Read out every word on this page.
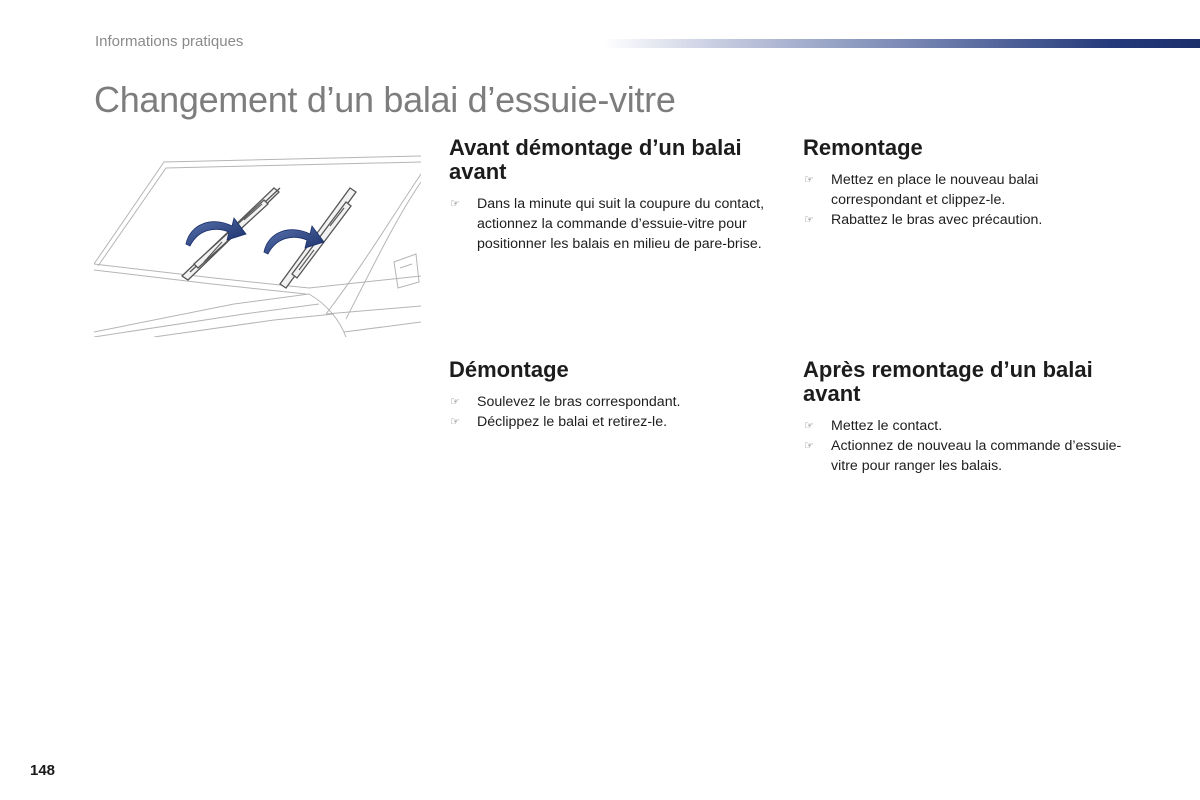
Informations pratiques
Changement d’un balai d’essuie-vitre
Avant démontage d’un balai avant
☞ Dans la minute qui suit la coupure du contact, actionnez la commande d’essuie-vitre pour positionner les balais en milieu de pare-brise.
Remontage
☞ Mettez en place le nouveau balai correspondant et clippez-le.
☞ Rabattez le bras avec précaution.
Démontage
☞ Soulevez le bras correspondant.
☞ Déclippez le balai et retirez-le.
Après remontage d’un balai avant
☞ Mettez le contact.
☞ Actionnez de nouveau la commande d’essuie-vitre pour ranger les balais.
148
